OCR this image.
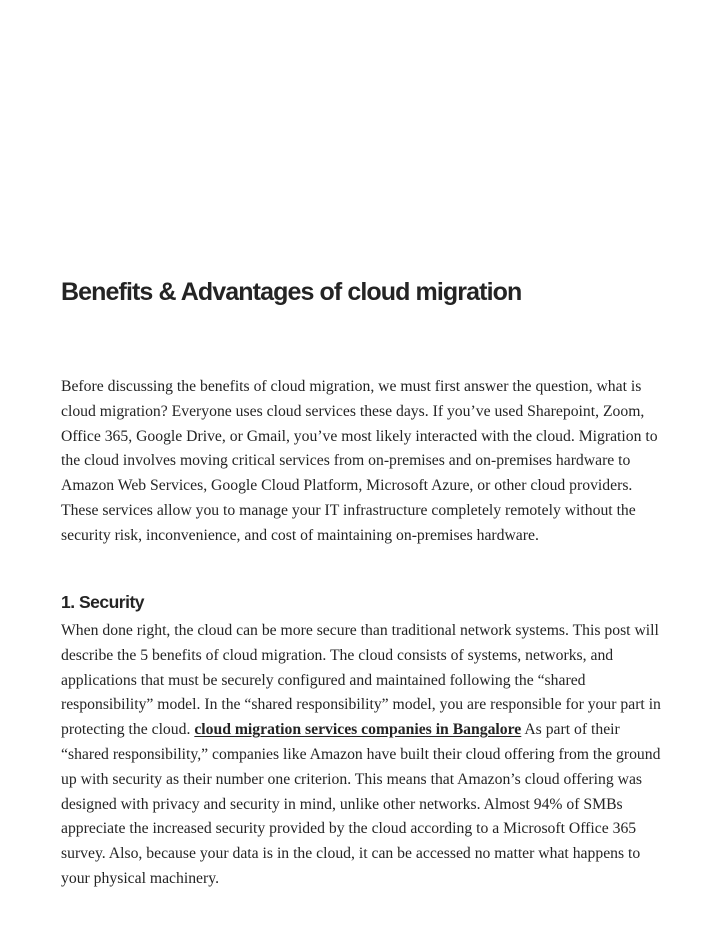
Benefits & Advantages of cloud migration

Before discussing the benefits of cloud migration, we must first answer the question, what is cloud migration? Everyone uses cloud services these days. If you’ve used Sharepoint, Zoom, Office 365, Google Drive, or Gmail, you’ve most likely interacted with the cloud. Migration to the cloud involves moving critical services from on-premises and on-premises hardware to Amazon Web Services, Google Cloud Platform, Microsoft Azure, or other cloud providers. These services allow you to manage your IT infrastructure completely remotely without the security risk, inconvenience, and cost of maintaining on-premises hardware.

1. Security

When done right, the cloud can be more secure than traditional network systems. This post will describe the 5 benefits of cloud migration. The cloud consists of systems, networks, and applications that must be securely configured and maintained following the “shared responsibility” model. In the “shared responsibility” model, you are responsible for your part in protecting the cloud. cloud migration services companies in Bangalore As part of their “shared responsibility,” companies like Amazon have built their cloud offering from the ground up with security as their number one criterion. This means that Amazon’s cloud offering was designed with privacy and security in mind, unlike other networks. Almost 94% of SMBs appreciate the increased security provided by the cloud according to a Microsoft Office 365 survey. Also, because your data is in the cloud, it can be accessed no matter what happens to your physical machinery.
